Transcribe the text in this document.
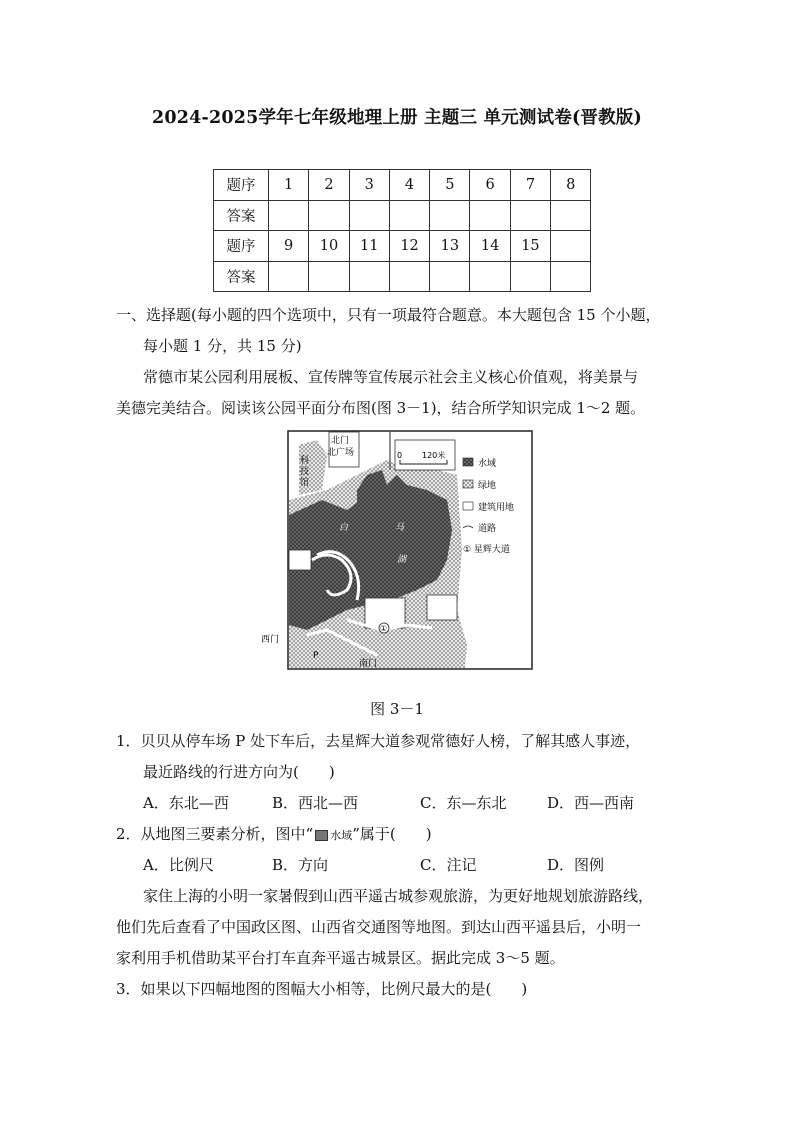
2024-2025学年七年级地理上册 主题三 单元测试卷(晋教版)
题序	1	2	3	4	5	6	7	8
答案								
题序	9	10	11	12	13	14	15	
答案								
一、选择题(每小题的四个选项中，只有一项最符合题意。本大题包含 15 个小题，
每小题 1 分，共 15 分)
常德市某公园利用展板、宣传牌等宣传展示社会主义核心价值观，将美景与
美德完美结合。阅读该公园平面分布图(图 3－1)，结合所学知识完成 1～2 题。
北门
北广场
科
技
馆
0 120米
白	马
湖
①
西门
南门
P
水域
绿地
建筑用地
道路
① 星辉大道
图 3－1
1．贝贝从停车场 P 处下车后，去星辉大道参观常德好人榜，了解其感人事迹，
最近路线的行进方向为(　　)
A．东北—西	B．西北—西	C．东—东北	D．西—西南
2．从地图三要素分析，图中“ 水域”属于(　　)
A．比例尺	B．方向	C．注记	D．图例
家住上海的小明一家暑假到山西平遥古城参观旅游，为更好地规划旅游路线，
他们先后查看了中国政区图、山西省交通图等地图。到达山西平遥县后，小明一
家利用手机借助某平台打车直奔平遥古城景区。据此完成 3～5 题。
3．如果以下四幅地图的图幅大小相等，比例尺最大的是(　　)
